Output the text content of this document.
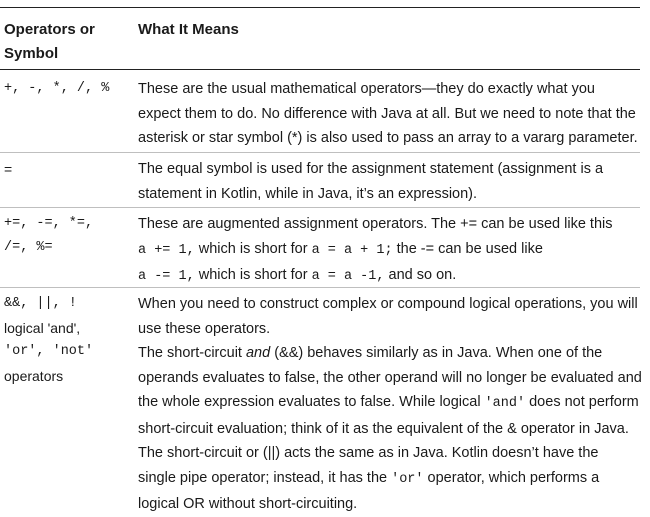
Operators or
Symbol
What It Means
+, -, *, /, %	These are the usual mathematical operators—they do exactly what you
expect them to do. No difference with Java at all. But we need to note that the
asterisk or star symbol (*) is also used to pass an array to a vararg parameter.
=	The equal symbol is used for the assignment statement (assignment is a
statement in Kotlin, while in Java, it’s an expression).
+=, -=, *=,
/=, %=
These are augmented assignment operators. The += can be used like this
a += 1, which is short for a = a + 1; the -= can be used like
a -= 1, which is short for a = a -1, and so on.
&&, ||, !
logical 'and',
'or', 'not'
operators
When you need to construct complex or compound logical operations, you will
use these operators.
The short-circuit and (&&) behaves similarly as in Java. When one of the
operands evaluates to false, the other operand will no longer be evaluated and
the whole expression evaluates to false. While logical 'and' does not perform
short-circuit evaluation; think of it as the equivalent of the & operator in Java.
The short-circuit or (||) acts the same as in Java. Kotlin doesn’t have the
single pipe operator; instead, it has the 'or' operator, which performs a
logical OR without short-circuiting.
